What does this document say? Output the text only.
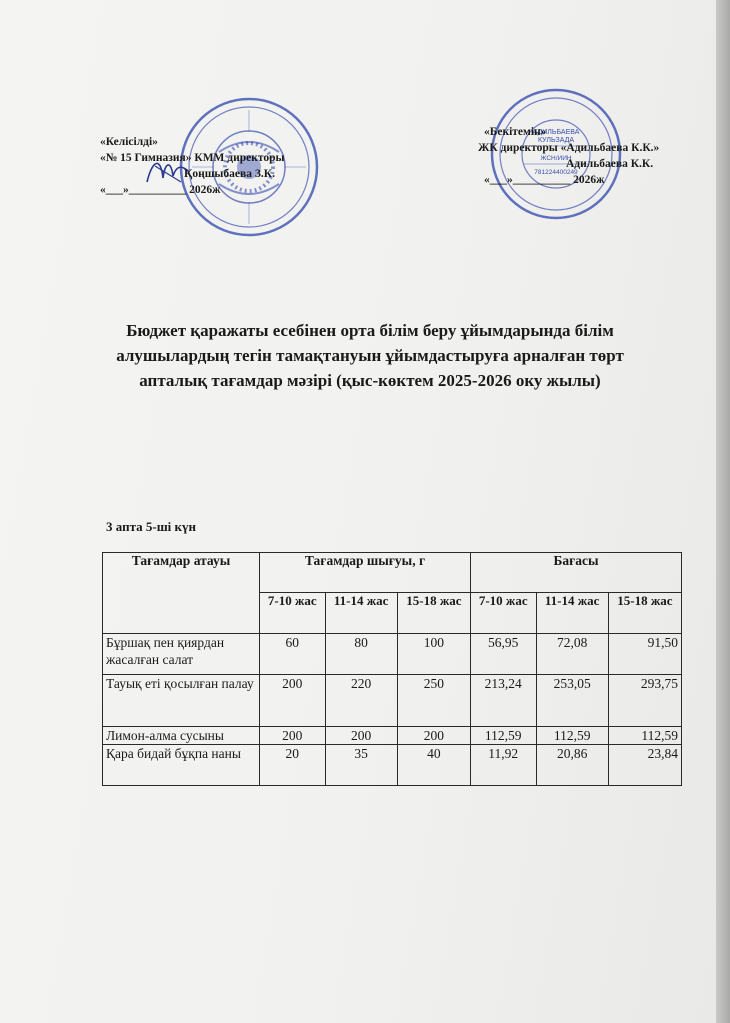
«Келісілді»
«№ 15 Гимназия» КММ директоры
Қоңшыбаева З.К.
«___»__________ 2026ж
АДИЛЬБАЕВА
КУЛЬЗАДА
ЖСН/ИИН
781224400249
«Бекітемін»
ЖК директоры «Адильбаева К.К.»
Адильбаева К.К.
«___»__________ 2026ж
Бюджет қаражаты есебінен орта білім беру ұйымдарында білім алушылардың тегін тамақтануын ұйымдастыруға арналған төрт апталық тағамдар мәзірі (қыс-көктем 2025-2026 оку жылы)
3 апта 5-ші күн
Тағамдар атауы	Тағамдар шығуы, г			Бағасы		
	7-10 жас	11-14 жас	15-18 жас	7-10 жас	11-14 жас	15-18 жас
Бұршақ пен қиярдан жасалған салат	60	80	100	56,95	72,08	91,50
Тауық еті қосылған палау	200	220	250	213,24	253,05	293,75
Лимон-алма сусыны	200	200	200	112,59	112,59	112,59
Қара бидай бұқпа наны	20	35	40	11,92	20,86	23,84
